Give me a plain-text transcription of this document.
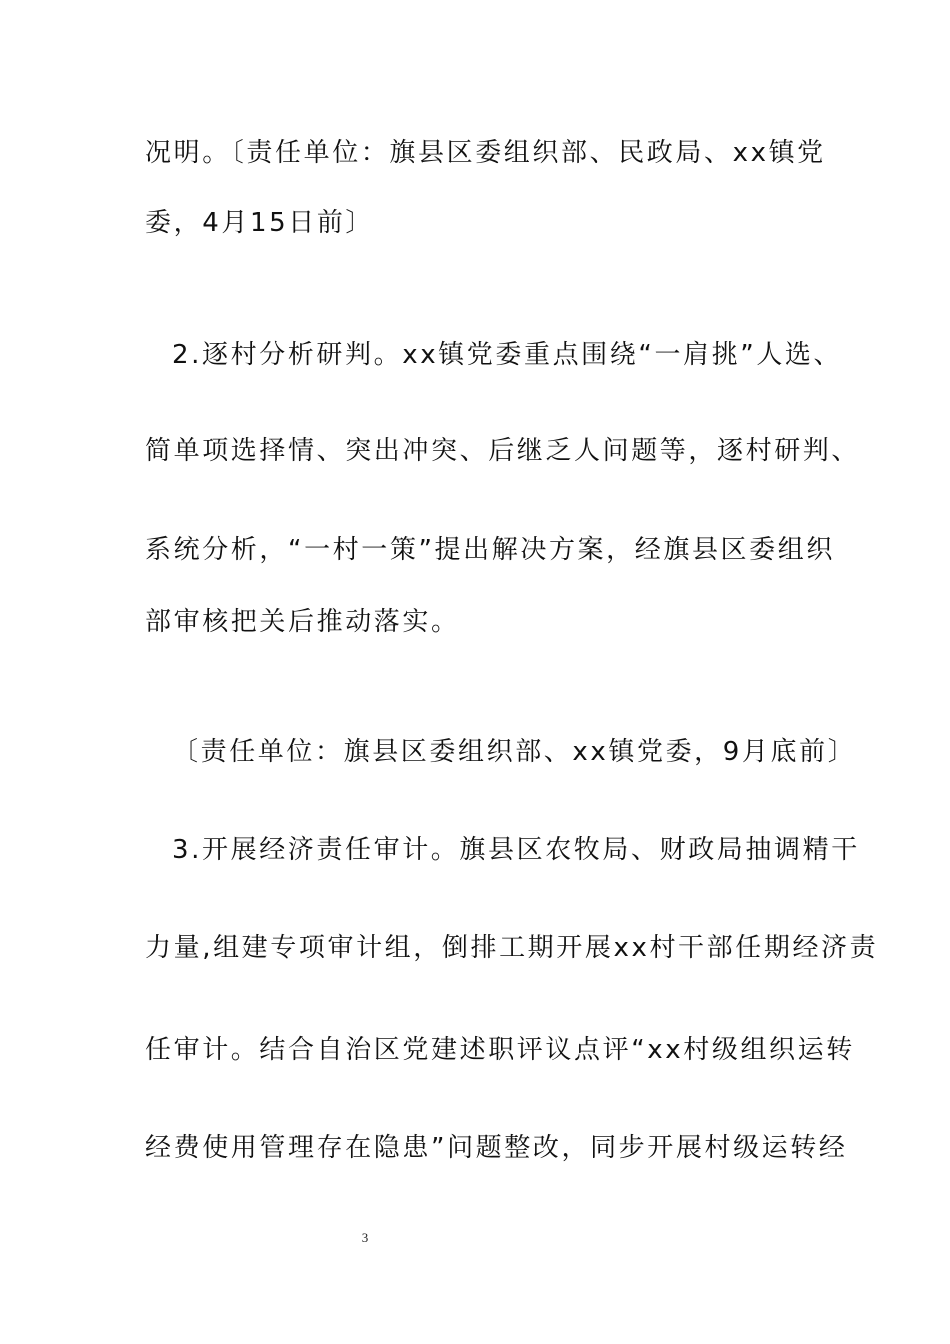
况明。〔责任单位：旗县区委组织部、民政局、xx镇党
委，4月15日前〕
2.逐村分析研判。xx镇党委重点围绕“一肩挑”人选、
简单项选择情、突出冲突、后继乏人问题等，逐村研判、
系统分析，“一村一策”提出解决方案，经旗县区委组织
部审核把关后推动落实。
〔责任单位：旗县区委组织部、xx镇党委，9月底前〕
3.开展经济责任审计。旗县区农牧局、财政局抽调精干
力量,组建专项审计组，倒排工期开展xx村干部任期经济责
任审计。结合自治区党建述职评议点评“xx村级组织运转
经费使用管理存在隐患”问题整改，同步开展村级运转经
3
